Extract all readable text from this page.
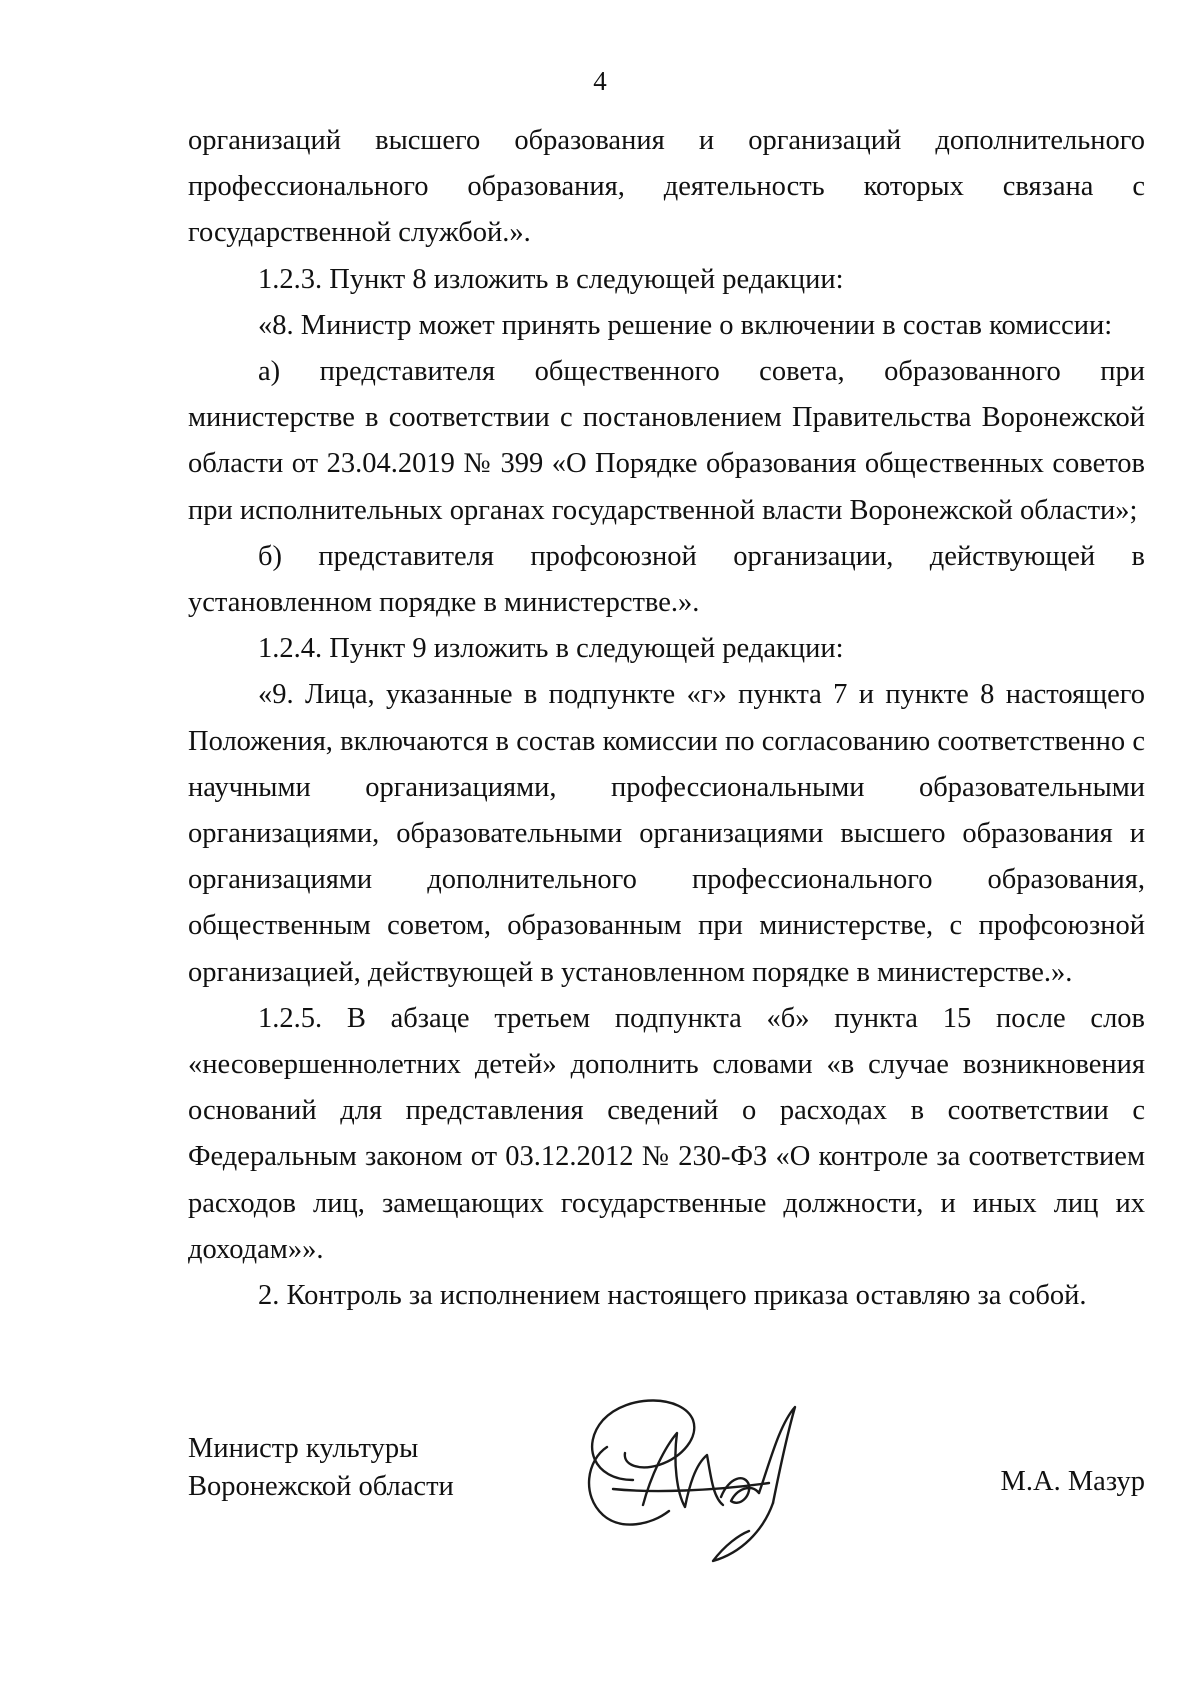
4

организаций высшего образования и организаций дополнительного профессионального образования, деятельность которых связана с государственной службой.».

1.2.3. Пункт 8 изложить в следующей редакции:

«8. Министр может принять решение о включении в состав комиссии:

а) представителя общественного совета, образованного при министерстве в соответствии с постановлением Правительства Воронежской области от 23.04.2019 № 399 «О Порядке образования общественных советов при исполнительных органах государственной власти Воронежской области»;

б) представителя профсоюзной организации, действующей в установленном порядке в министерстве.».

1.2.4. Пункт 9 изложить в следующей редакции:

«9. Лица, указанные в подпункте «г» пункта 7 и пункте 8 настоящего Положения, включаются в состав комиссии по согласованию соответственно с научными организациями, профессиональными образовательными организациями, образовательными организациями высшего образования и организациями дополнительного профессионального образования, общественным советом, образованным при министерстве, с профсоюзной организацией, действующей в установленном порядке в министерстве.».

1.2.5. В абзаце третьем подпункта «б» пункта 15 после слов «несовершеннолетних детей» дополнить словами «в случае возникновения оснований для представления сведений о расходах в соответствии с Федеральным законом от 03.12.2012 № 230-ФЗ «О контроле за соответствием расходов лиц, замещающих государственные должности, и иных лиц их доходам»».

2. Контроль за исполнением настоящего приказа оставляю за собой.

Министр культуры
Воронежской области	М.А. Мазур
